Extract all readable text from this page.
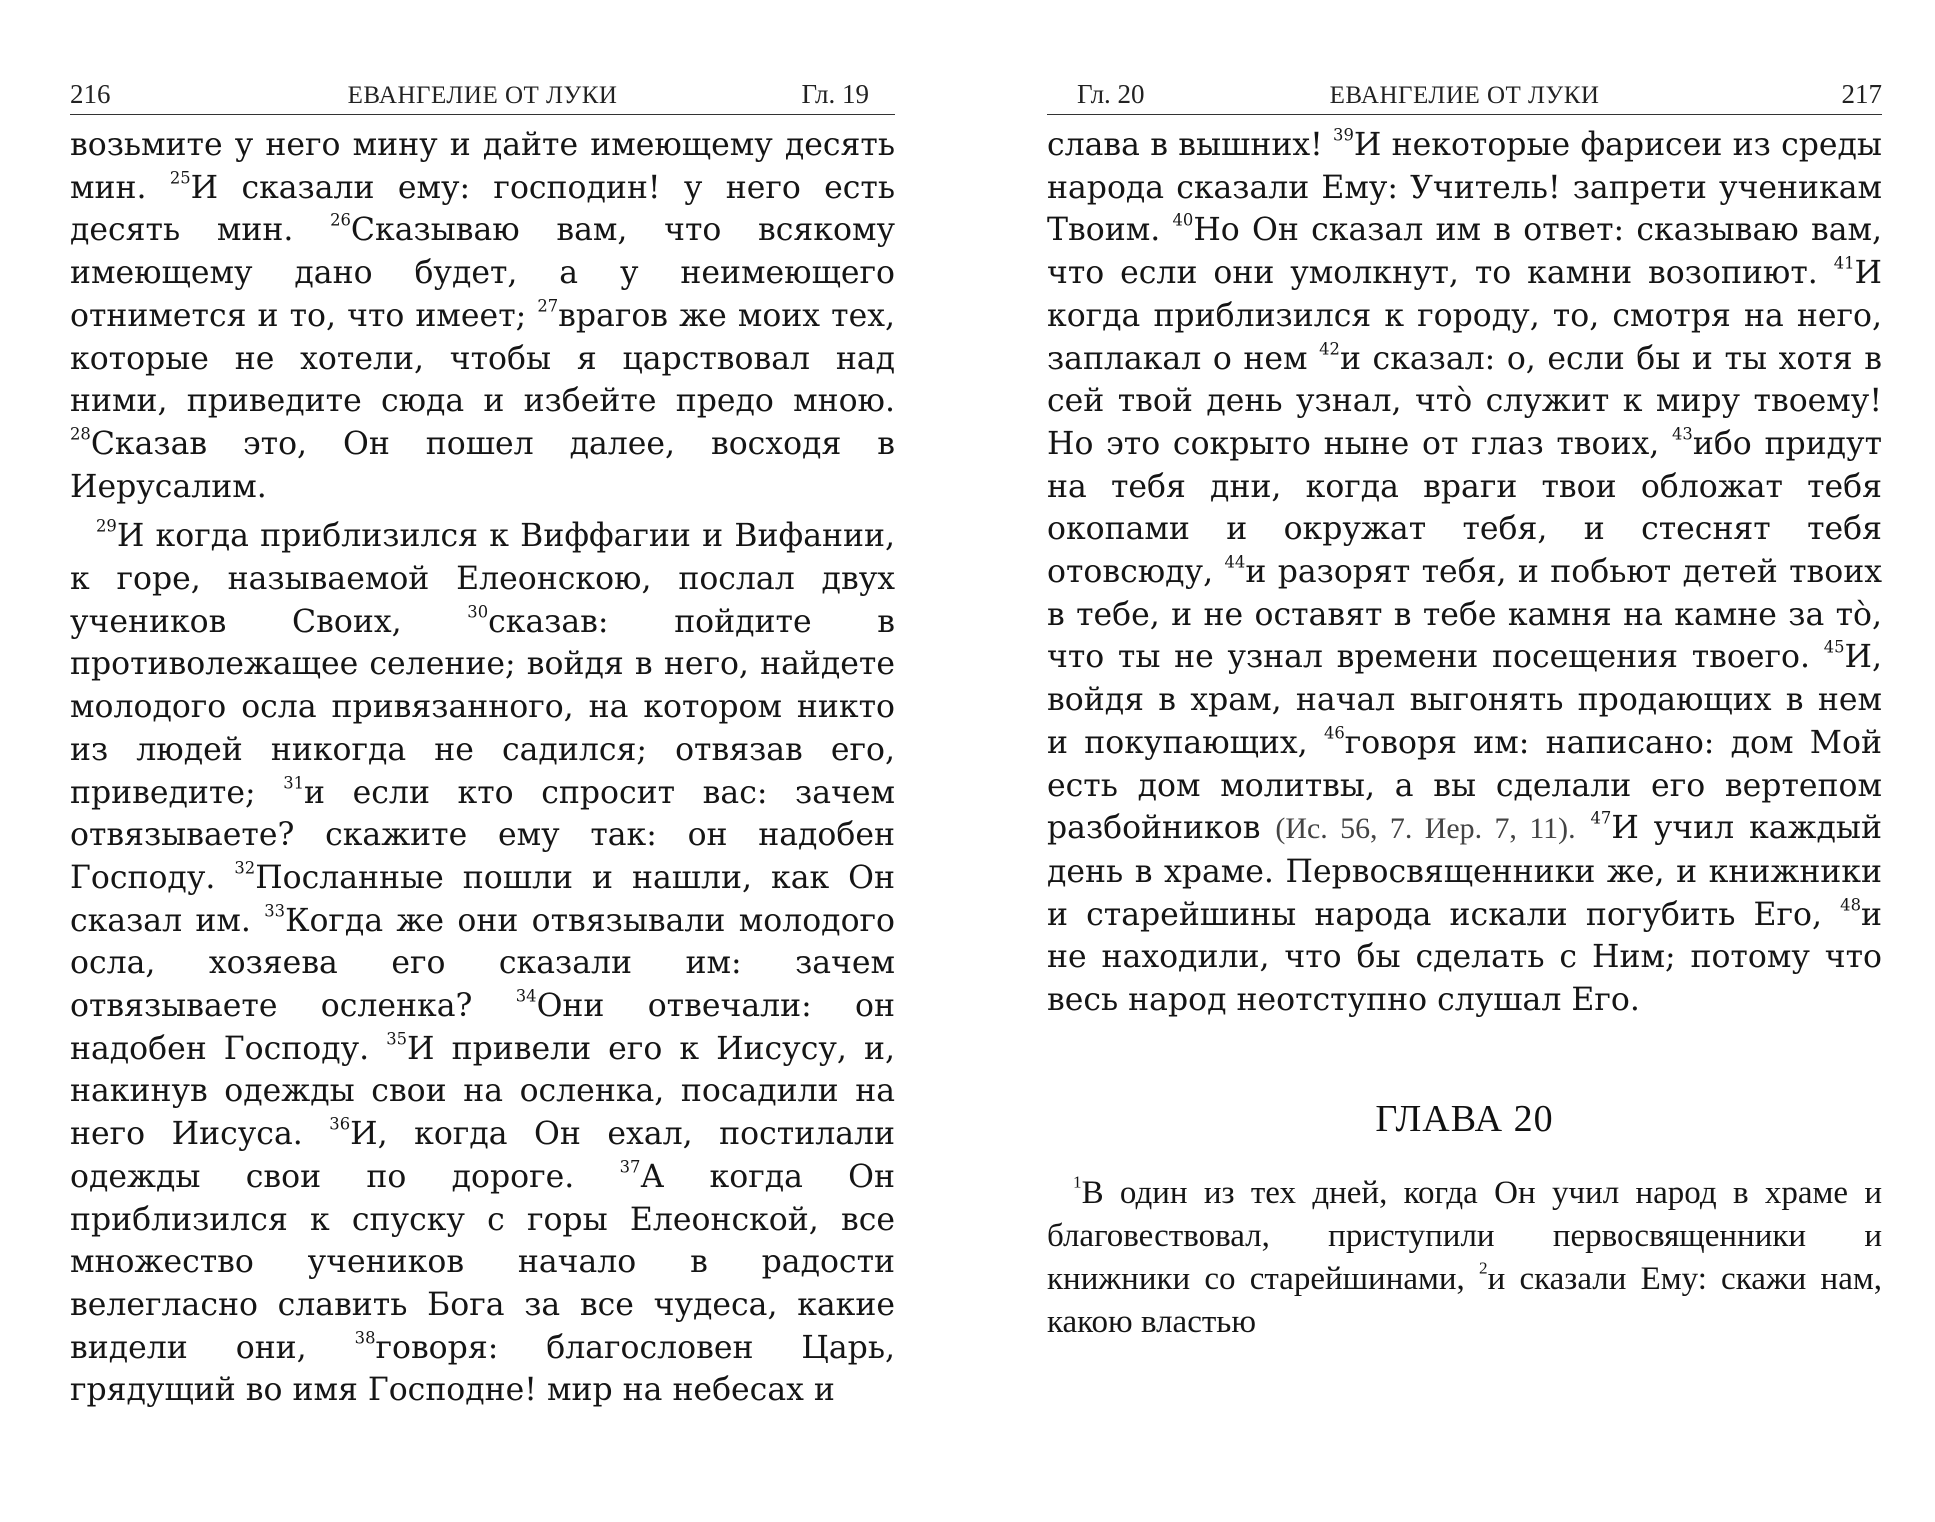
216	ЕВАНГЕЛИЕ ОТ ЛУКИ	Гл. 19

возьмите у него мину и дайте имеющему десять мин. $^{25}$И сказали ему: господин! у него есть десять мин. $^{26}$Сказываю вам, что всякому имеющему дано будет, а у неимеющего отнимется и то, что имеет; $^{27}$врагов же моих тех, которые не хотели, чтобы я царствовал над ними, приведите сюда и избейте предо мною. $^{28}$Сказав это, Он пошел далее, восходя в Иерусалим.

$^{29}$И когда приблизился к Виффагии и Вифании, к горе, называемой Елеонскою, послал двух учеников Своих, $^{30}$сказав: пойдите в противолежащее селение; войдя в него, найдете молодого осла привязанного, на котором никто из людей никогда не садился; отвязав его, приведите; $^{31}$и если кто спросит вас: зачем отвязываете? скажите ему так: он надобен Господу. $^{32}$Посланные пошли и нашли, как Он сказал им. $^{33}$Когда же они отвязывали молодого осла, хозяева его сказали им: зачем отвязываете осленка? $^{34}$Они отвечали: он надобен Господу. $^{35}$И привели его к Иисусу, и, накинув одежды свои на осленка, посадили на него Иисуса. $^{36}$И, когда Он ехал, постилали одежды свои по дороге. $^{37}$А когда Он приблизился к спуску с горы Елеонской, все множество учеников начало в радости велегласно славить Бога за все чудеса, какие видели они, $^{38}$говоря: благословен Царь, грядущий во имя Господне! мир на небесах и

Гл. 20	ЕВАНГЕЛИЕ ОТ ЛУКИ	217

слава в вышних! $^{39}$И некоторые фарисеи из среды народа сказали Ему: Учитель! запрети ученикам Твоим. $^{40}$Но Он сказал им в ответ: сказываю вам, что если они умолкнут, то камни возопиют. $^{41}$И когда приблизился к городу, то, смотря на него, заплакал о нем $^{42}$и сказал: о, если бы и ты хотя в сей твой день узнал, что̀ служит к миру твоему! Но это сокрыто ныне от глаз твоих, $^{43}$ибо придут на тебя дни, когда враги твои обложат тебя окопами и окружат тебя, и стеснят тебя отовсюду, $^{44}$и разорят тебя, и побьют детей твоих в тебе, и не оставят в тебе камня на камне за то̀, что ты не узнал времени посещения твоего. $^{45}$И, войдя в храм, начал выгонять продающих в нем и покупающих, $^{46}$говоря им: написано: дом Мой есть дом молитвы, а вы сделали его вертепом разбойников (Ис. 56, 7. Иер. 7, 11). $^{47}$И учил каждый день в храме. Первосвященники же, и книжники и старейшины народа искали погубить Его, $^{48}$и не находили, что бы сделать с Ним; потому что весь народ неотступно слушал Его.

ГЛАВА 20

$^1$В один из тех дней, когда Он учил народ в храме и благовествовал, приступили первосвященники и книжники со старейшинами, $^2$и сказали Ему: скажи нам, какою властью
